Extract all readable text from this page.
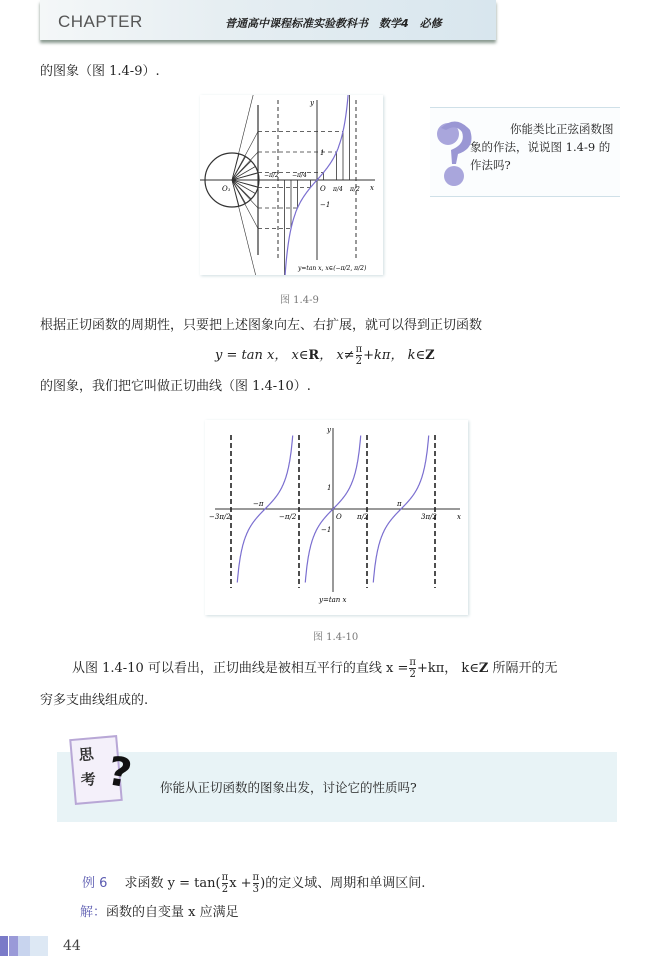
CHAPTER	普通高中课程标准实验教科书　数学4　必修
的图象（图 1.4-9）.
O₁	O	x
y
1
−1
−π/2 −π/4
π/4 π/2
y=tan x, x∈(−π/2, π/2)
图 1.4-9
你能类比正弦函数图象的作法，说说图 1.4-9 的作法吗?
根据正切函数的周期性，只要把上述图象向左、右扩展，就可以得到正切函数
y = tan x， x∈R， $x\ne \frac{\pi}{2} +k\pi$， k∈Z
的图象，我们把它叫做正切曲线（图 1.4-10）.
−3π/2
−π
−π/2	O π/2
π
3π/2
1
−1
x
y
y=tan x
图 1.4-10
从图 1.4-10 可以看出，正切曲线是被相互平行的直线 $x = \frac{\pi}{2} +k\pi$， k∈Z 所隔开的无
穷多支曲线组成的.
思
考 ? 你能从正切函数的图象出发，讨论它的性质吗?
例 6　 求函数 $y = \tan( \frac{\pi}{2}$ $x + \frac{\pi}{3}$ )的定义域、周期和单调区间.
解：函数的自变量 x 应满足
44
